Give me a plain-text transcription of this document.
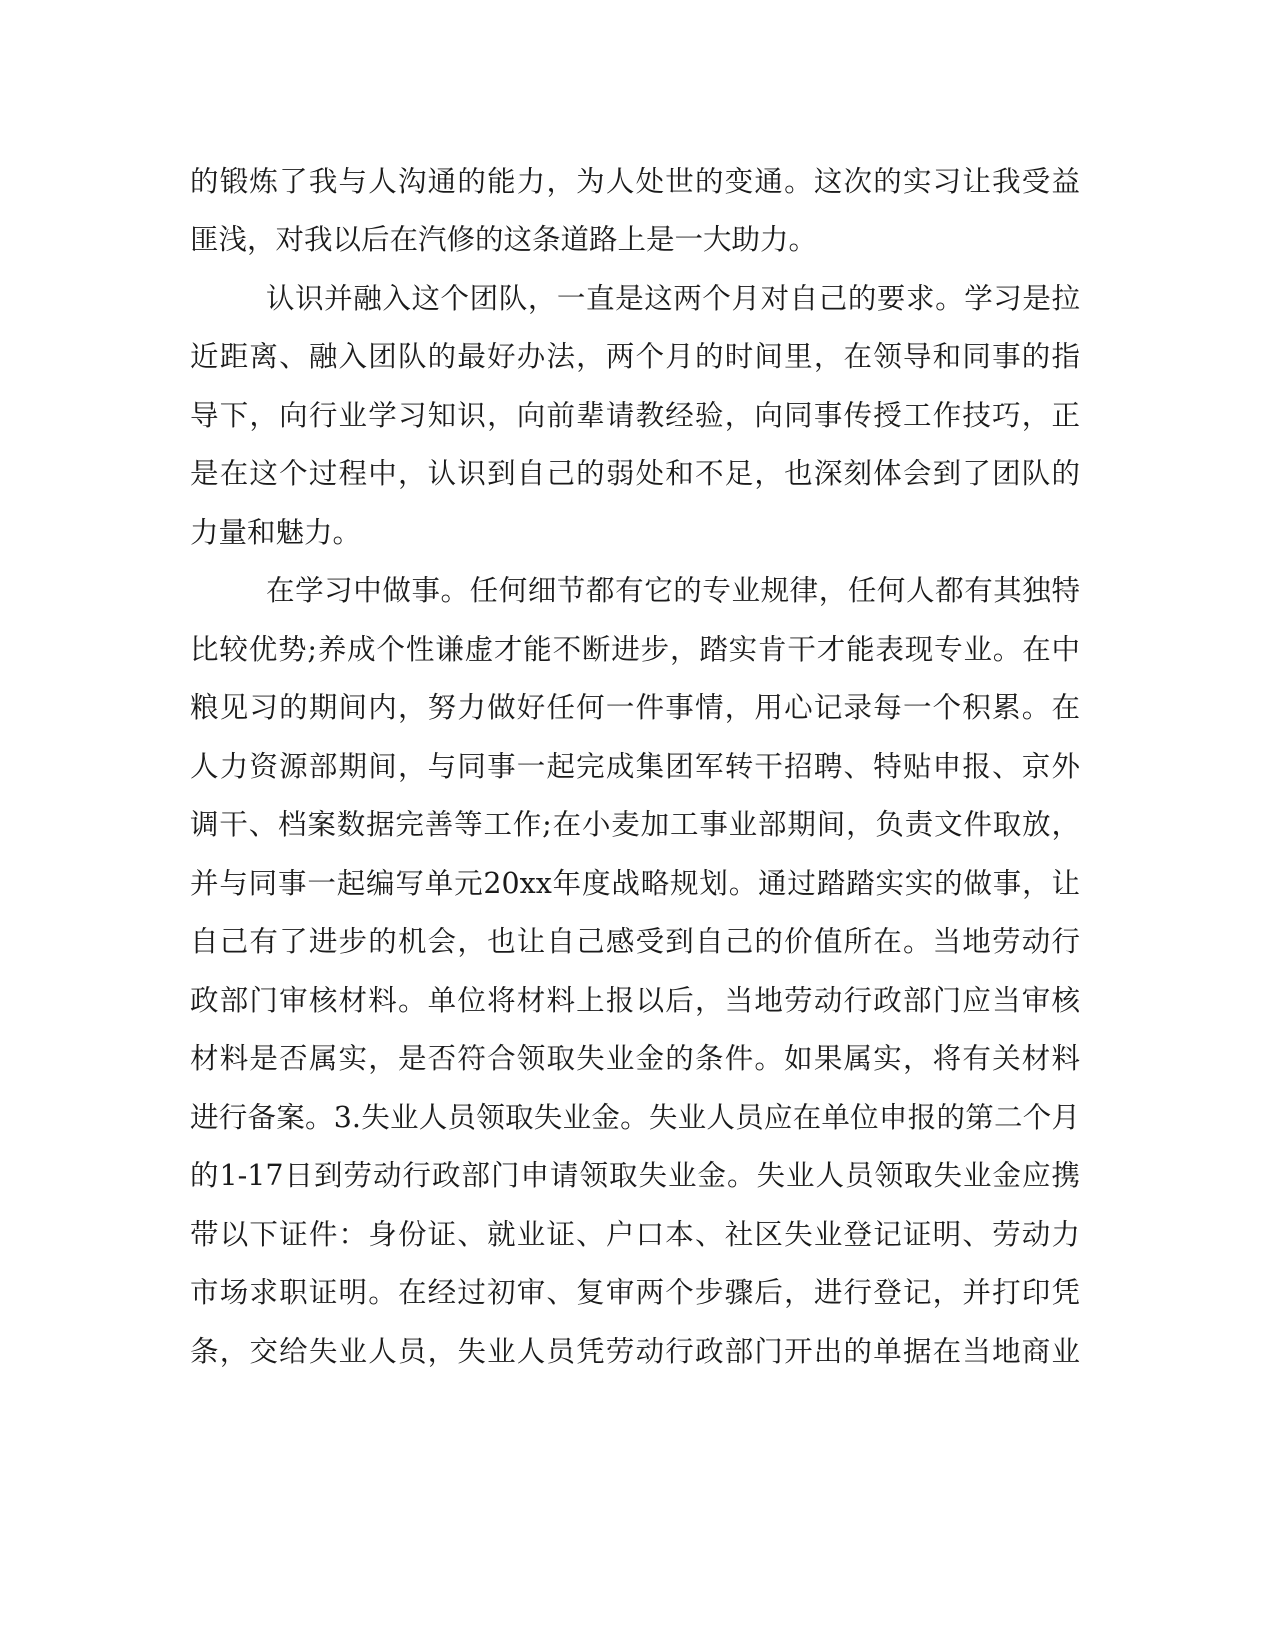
的锻炼了我与人沟通的能力，为人处世的变通。这次的实习让我受益
匪浅，对我以后在汽修的这条道路上是一大助力。
认识并融入这个团队，一直是这两个月对自己的要求。学习是拉
近距离、融入团队的最好办法，两个月的时间里，在领导和同事的指
导下，向行业学习知识，向前辈请教经验，向同事传授工作技巧，正
是在这个过程中，认识到自己的弱处和不足，也深刻体会到了团队的
力量和魅力。
在学习中做事。任何细节都有它的专业规律，任何人都有其独特
比较优势;养成个性谦虚才能不断进步，踏实肯干才能表现专业。在中
粮见习的期间内，努力做好任何一件事情，用心记录每一个积累。在
人力资源部期间，与同事一起完成集团军转干招聘、特贴申报、京外
调干、档案数据完善等工作;在小麦加工事业部期间，负责文件取放，
并与同事一起编写单元20xx年度战略规划。通过踏踏实实的做事，让
自己有了进步的机会，也让自己感受到自己的价值所在。当地劳动行
政部门审核材料。单位将材料上报以后，当地劳动行政部门应当审核
材料是否属实，是否符合领取失业金的条件。如果属实，将有关材料
进行备案。3.失业人员领取失业金。失业人员应在单位申报的第二个月
的1-17日到劳动行政部门申请领取失业金。失业人员领取失业金应携
带以下证件：身份证、就业证、户口本、社区失业登记证明、劳动力
市场求职证明。在经过初审、复审两个步骤后，进行登记，并打印凭
条，交给失业人员，失业人员凭劳动行政部门开出的单据在当地商业
